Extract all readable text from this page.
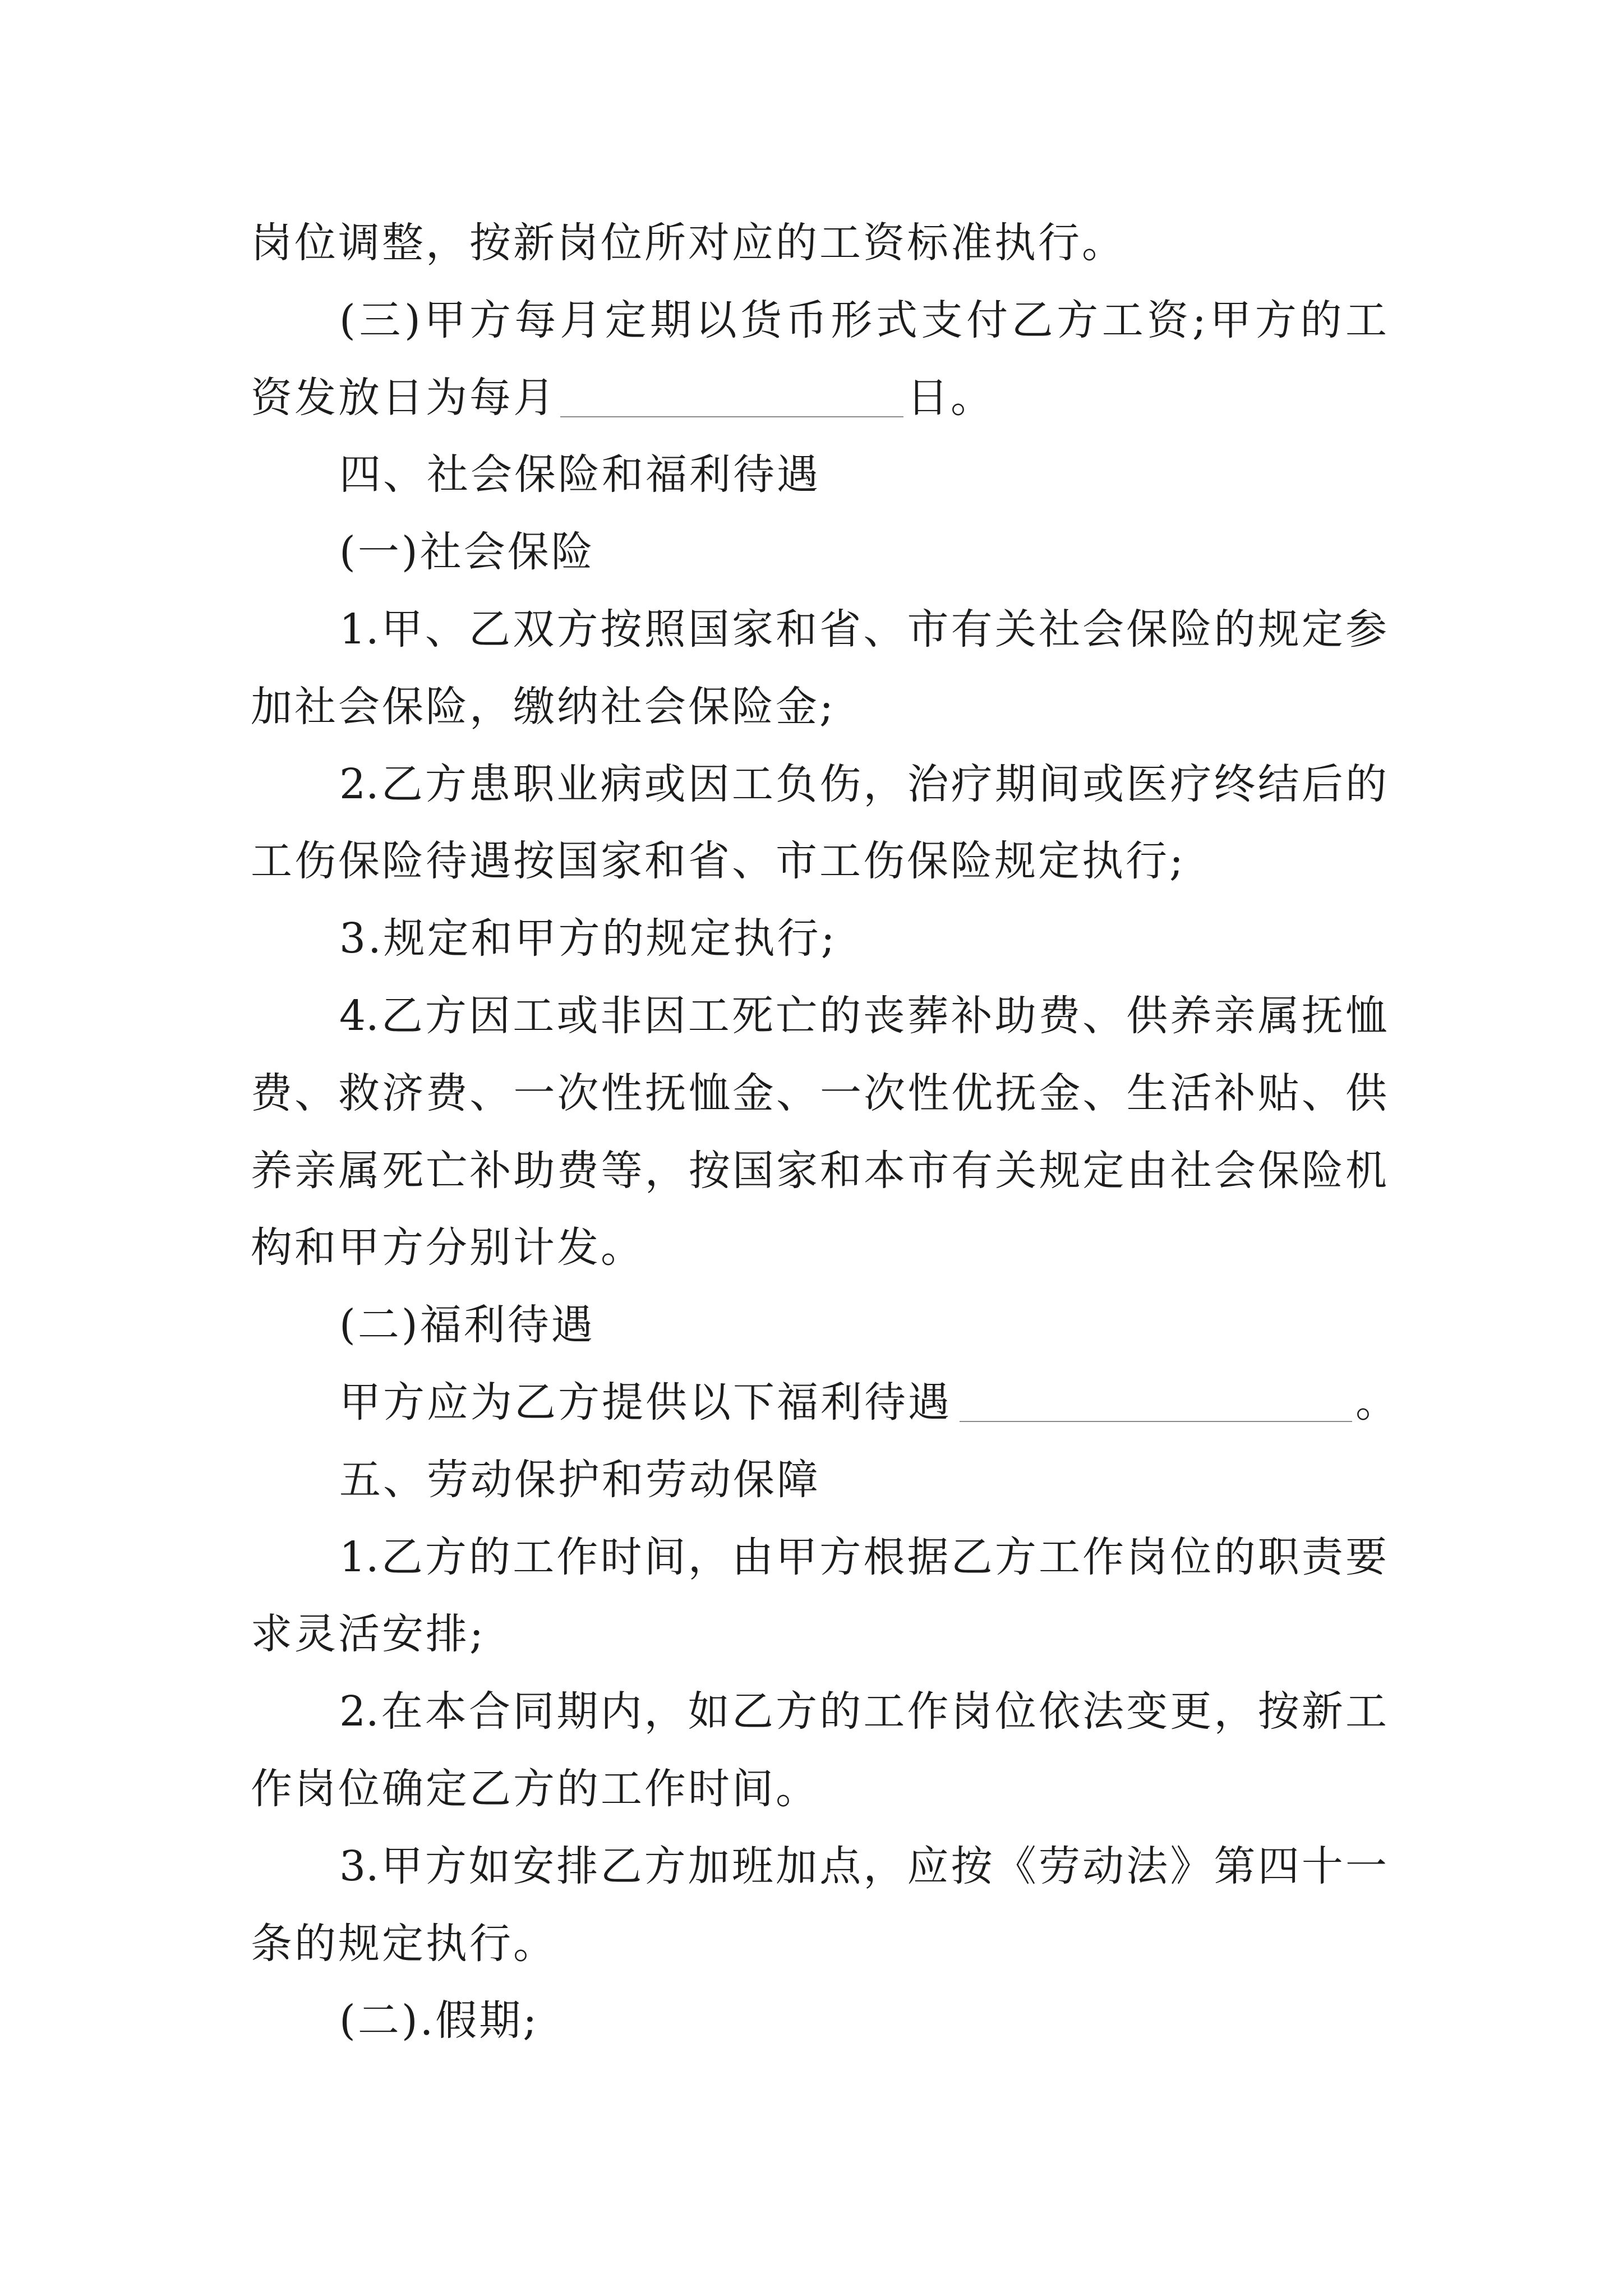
岗位调整，按新岗位所对应的工资标准执行。
(三)甲方每月定期以货币形式支付乙方工资;甲方的工
资发放日为每月	日。
四、社会保险和福利待遇
(一)社会保险
1.甲、乙双方按照国家和省、市有关社会保险的规定参
加社会保险，缴纳社会保险金;
2.乙方患职业病或因工负伤，治疗期间或医疗终结后的
工伤保险待遇按国家和省、市工伤保险规定执行;
3.规定和甲方的规定执行;
4.乙方因工或非因工死亡的丧葬补助费、供养亲属抚恤
费、救济费、一次性抚恤金、一次性优抚金、生活补贴、供
养亲属死亡补助费等，按国家和本市有关规定由社会保险机
构和甲方分别计发。
(二)福利待遇
甲方应为乙方提供以下福利待遇	。
五、劳动保护和劳动保障
1.乙方的工作时间，由甲方根据乙方工作岗位的职责要
求灵活安排;
2.在本合同期内，如乙方的工作岗位依法变更，按新工
作岗位确定乙方的工作时间。
3.甲方如安排乙方加班加点，应按《劳动法》第四十一
条的规定执行。
(二).假期;
